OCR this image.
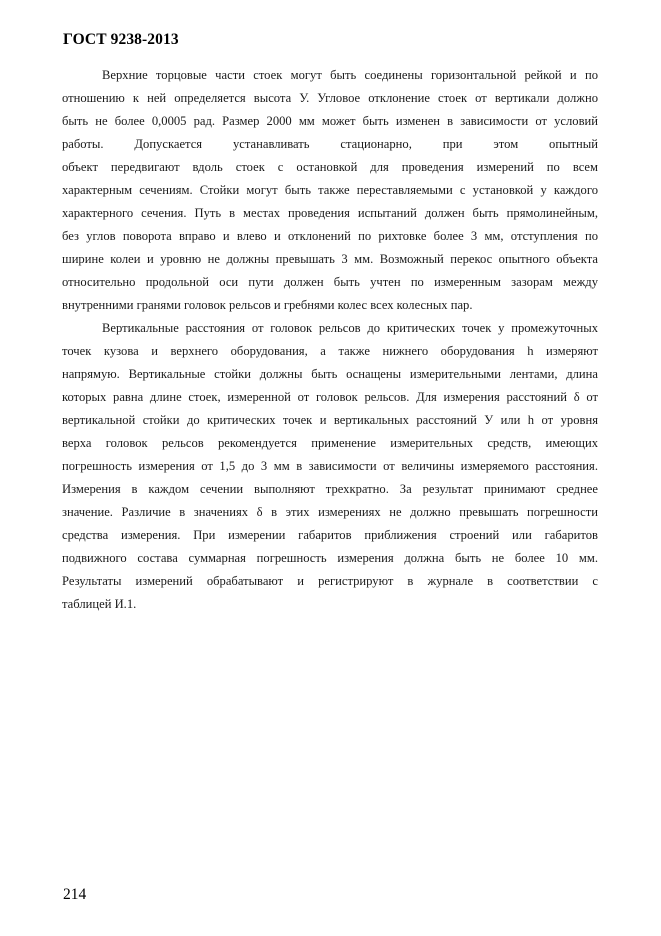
ГОСТ 9238-2013
Верхние торцовые части стоек могут быть соединены горизонтальной рейкой и по
отношению к ней определяется высота У. Угловое отклонение стоек от вертикали должно
быть не более 0,0005 рад. Размер 2000 мм может быть изменен в зависимости от условий
работы. Допускается устанавливать стационарно, при этом опытный
объект передвигают вдоль стоек с остановкой для проведения измерений по всем
характерным сечениям. Стойки могут быть также переставляемыми с установкой у каждого
характерного сечения. Путь в местах проведения испытаний должен быть прямолинейным,
без углов поворота вправо и влево и отклонений по рихтовке более 3 мм, отступления по
ширине колеи и уровню не должны превышать 3 мм. Возможный перекос опытного объекта
относительно продольной оси пути должен быть учтен по измеренным зазорам между
внутренними гранями головок рельсов и гребнями колес всех колесных пар.
Вертикальные расстояния от головок рельсов до критических точек у промежуточных
точек кузова и верхнего оборудования, а также нижнего оборудования h измеряют
напрямую. Вертикальные стойки должны быть оснащены измерительными лентами, длина
которых равна длине стоек, измеренной от головок рельсов. Для измерения расстояний δ от
вертикальной стойки до критических точек и вертикальных расстояний У или h от уровня
верха головок рельсов рекомендуется применение измерительных средств, имеющих
погрешность измерения от 1,5 до 3 мм в зависимости от величины измеряемого расстояния.
Измерения в каждом сечении выполняют трехкратно. За результат принимают среднее
значение. Различие в значениях δ в этих измерениях не должно превышать погрешности
средства измерения. При измерении габаритов приближения строений или габаритов
подвижного состава суммарная погрешность измерения должна быть не более 10 мм.
Результаты измерений обрабатывают и регистрируют в журнале в соответствии с
таблицей И.1.
214
